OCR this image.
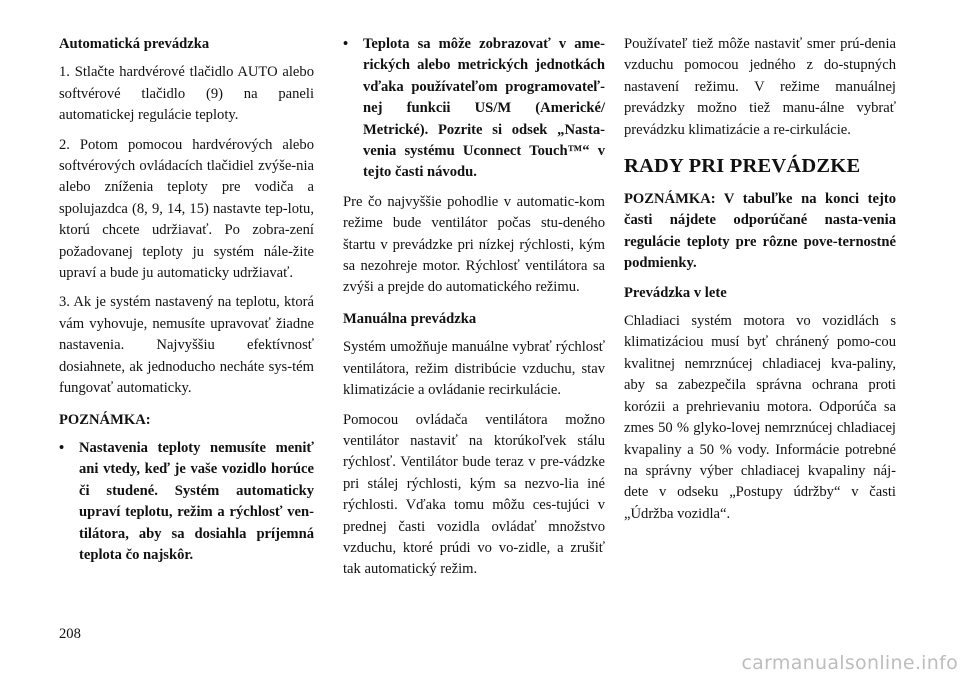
Automatická prevádzka

1. Stlačte hardvérové tlačidlo AUTO alebo softvérové tlačidlo (9) na paneli automatickej regulácie teploty.

2. Potom pomocou hardvérových alebo softvérových ovládacích tlačidiel zvýše-nia alebo zníženia teploty pre vodiča a spolujazdca (8, 9, 14, 15) nastavte tep-lotu, ktorú chcete udržiavať. Po zobra-zení požadovanej teploty ju systém nále-žite upraví a bude ju automaticky udržiavať.

3. Ak je systém nastavený na teplotu, ktorá vám vyhovuje, nemusíte upravovať žiadne nastavenia. Najvyššiu efektívnosť dosiahnete, ak jednoducho necháte sys-tém fungovať automaticky.

POZNÁMKA:
• Nastavenia teploty nemusíte meniť ani vtedy, keď je vaše vozidlo horúce či studené. Systém automaticky upraví teplotu, režim a rýchlosť ven-tilátora, aby sa dosiahla príjemná teplota čo najskôr.
• Teplota sa môže zobrazovať v ame-rických alebo metrických jednotkách vďaka používateľom programovateľ-nej funkcii US/M (Americké/ Metrické). Pozrite si odsek „Nasta-venia systému Uconnect Touch™“ v tejto časti návodu.

Pre čo najvyššie pohodlie v automatic-kom režime bude ventilátor počas stu-deného štartu v prevádzke pri nízkej rýchlosti, kým sa nezohreje motor. Rýchlosť ventilátora sa zvýši a prejde do automatického režimu.

Manuálna prevádzka

Systém umožňuje manuálne vybrať rýchlosť ventilátora, režim distribúcie vzduchu, stav klimatizácie a ovládanie recirkulácie.

Pomocou ovládača ventilátora možno ventilátor nastaviť na ktorúkoľvek stálu rýchlosť. Ventilátor bude teraz v pre-vádzke pri stálej rýchlosti, kým sa nezvo-lia iné rýchlosti. Vďaka tomu môžu ces-tujúci v prednej časti vozidla ovládať množstvo vzduchu, ktoré prúdi vo vo-zidle, a zrušiť tak automatický režim.

Používateľ tiež môže nastaviť smer prú-denia vzduchu pomocou jedného z do-stupných nastavení režimu. V režime manuálnej prevádzky možno tiež manu-álne vybrať prevádzku klimatizácie a re-cirkulácie.

RADY PRI PREVÁDZKE

POZNÁMKA: V tabuľke na konci tejto časti nájdete odporúčané nasta-venia regulácie teploty pre rôzne pove-ternostné podmienky.

Prevádzka v lete

Chladiaci systém motora vo vozidlách s klimatizáciou musí byť chránený pomo-cou kvalitnej nemrznúcej chladiacej kva-paliny, aby sa zabezpečila správna ochrana proti korózii a prehrievaniu motora. Odporúča sa zmes 50 % glyko-lovej nemrznúcej chladiacej kvapaliny a 50 % vody. Informácie potrebné na správny výber chladiacej kvapaliny náj-dete v odseku „Postupy údržby“ v časti „Údržba vozidla“.

208
carmanualsonline.info
